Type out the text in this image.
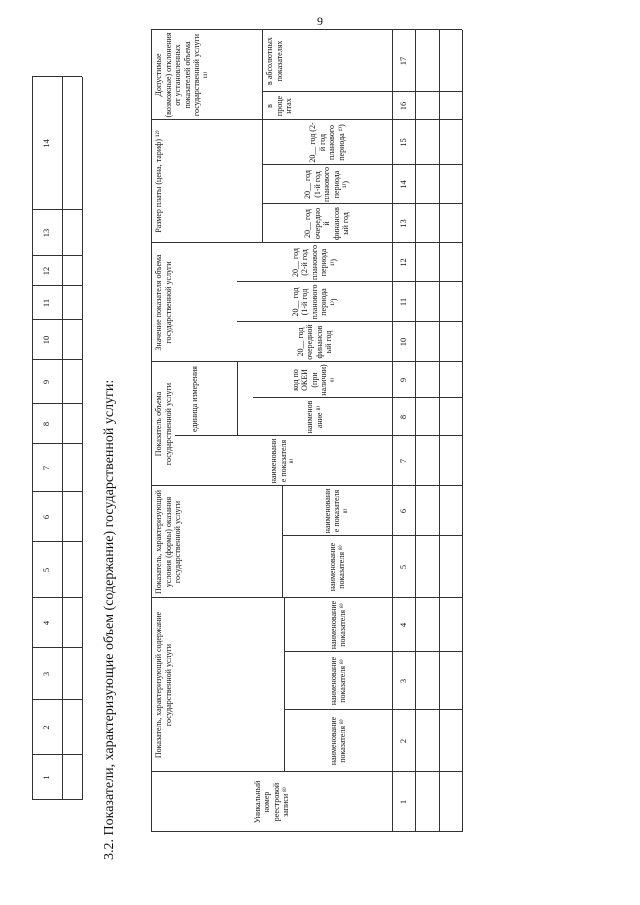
9
3.2. Показатели, характеризующие объем (содержание) государственной услуги:
1
2
3
4
5
6
7
8
9
10
11
12
13
14
Уникальный номер реестровой записи ⁸⁾
Показатель, характеризующий содержание государственной услуги
Показатель, характеризующий условия (формы) оказания государственной услуги
Показатель объема государственной услуги
Значение показателя объема государственной услуги
Размер платы (цена, тариф) ¹²⁾
Допустимые (возможные) отклонения от установленных показателей объема государственной услуги ¹¹⁾
наименование показателя ⁸⁾
наименование показателя ⁸⁾
наименование показателя ⁸⁾
наименование показателя ⁸⁾
наименование показателя ⁸⁾
наименование показателя ⁸⁾
единица измерения	наименование ⁸⁾
код по ОКЕИ (при наличии) ⁹⁾
20__ год очередной финансовый год
20__ год (1-й год планового периода ¹⁾)
20__ год (2-й год планового периода ¹⁾)
20__ год очередной финансовый год
20__ год (1-й год планового периода ¹⁾)
20__ год (2-й год планового периода ¹⁾)
в процентах
в абсолютных показателях
1
2
3
4
5
6
7
8
9
10
11
12
13
14
15
16
17
